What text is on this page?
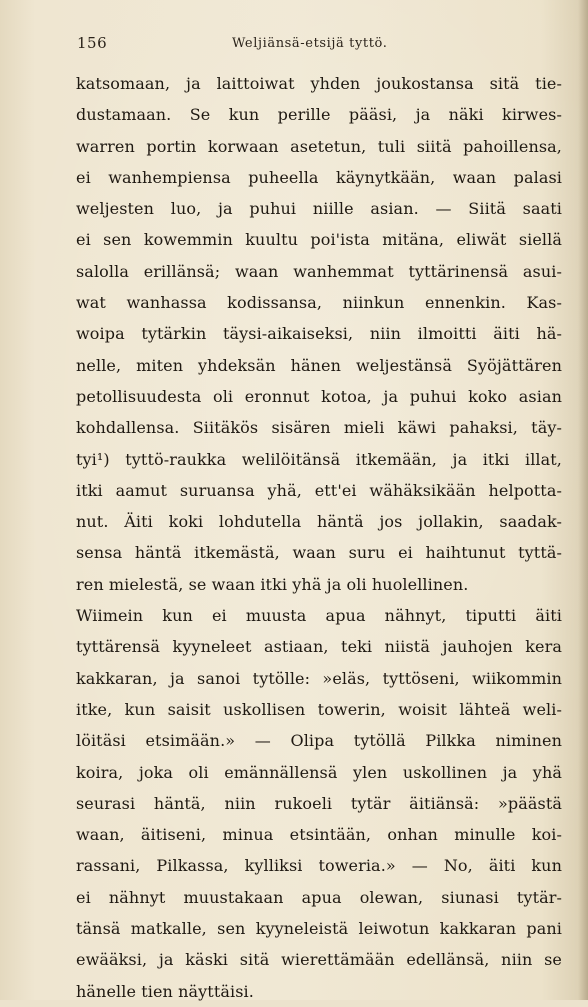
156	Weljiänsä-etsijä tyttö.
katsomaan, ja laittoiwat yhden joukostansa sitä tie-
dustamaan. Se kun perille pääsi, ja näki kirwes-
warren portin korwaan asetetun, tuli siitä pahoillensa,
ei wanhempiensa puheella käynytkään, waan palasi
weljesten luo, ja puhui niille asian. — Siitä saati
ei sen kowemmin kuultu poi'ista mitäna, eliwät siellä
salolla erillänsä; waan wanhemmat tyttärinensä asui-
wat wanhassa kodissansa, niinkun ennenkin. Kas-
woipa tytärkin täysi-aikaiseksi, niin ilmoitti äiti hä-
nelle, miten yhdeksän hänen weljestänsä Syöjättären
petollisuudesta oli eronnut kotoa, ja puhui koko asian
kohdallensa. Siitäkös sisären mieli käwi pahaksi, täy-
tyi¹) tyttö-raukka welilöitänsä itkemään, ja itki illat,
itki aamut suruansa yhä, ett'ei wähäksikään helpotta-
nut. Äiti koki lohdutella häntä jos jollakin, saadak-
sensa häntä itkemästä, waan suru ei haihtunut tyttä-
ren mielestä, se waan itki yhä ja oli huolellinen.
Wiimein kun ei muusta apua nähnyt, tiputti äiti
tyttärensä kyyneleet astiaan, teki niistä jauhojen kera
kakkaran, ja sanoi tytölle: »eläs, tyttöseni, wiikommin
itke, kun saisit uskollisen towerin, woisit lähteä weli-
löitäsi etsimään.» — Olipa tytöllä Pilkka niminen
koira, joka oli emännällensä ylen uskollinen ja yhä
seurasi häntä, niin rukoeli tytär äitiänsä: »päästä
waan, äitiseni, minua etsintään, onhan minulle koi-
rassani, Pilkassa, kylliksi toweria.» — No, äiti kun
ei nähnyt muustakaan apua olewan, siunasi tytär-
tänsä matkalle, sen kyyneleistä leiwotun kakkaran pani
ewääksi, ja käski sitä wierettämään edellänsä, niin se
hänelle tien näyttäisi.
